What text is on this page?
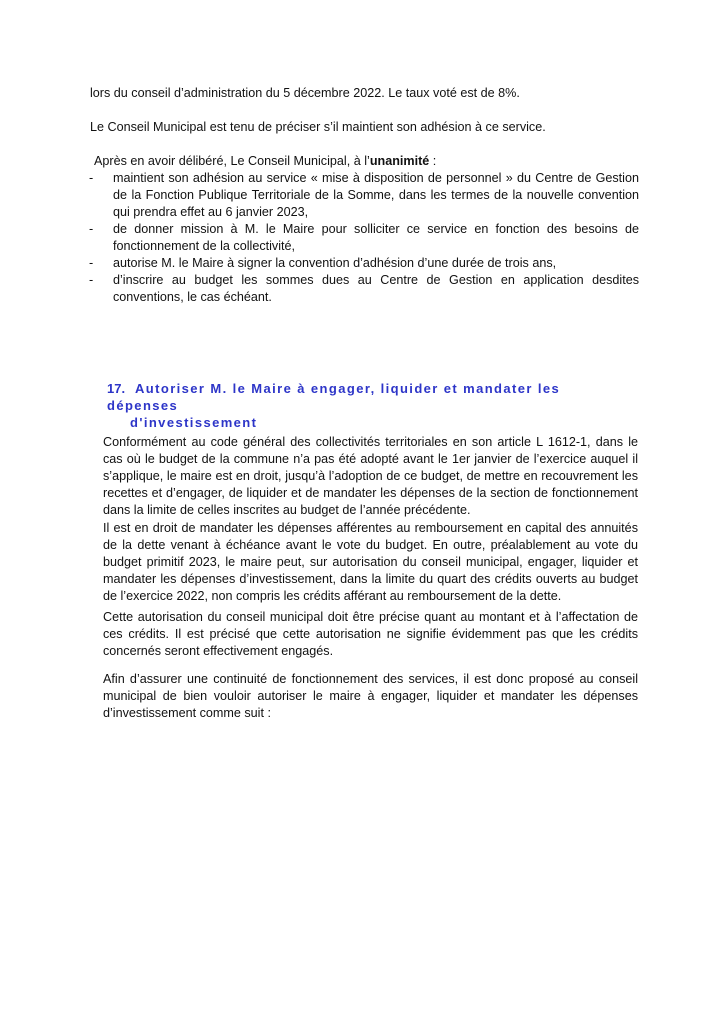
lors du conseil d’administration du 5 décembre 2022. Le taux voté est de 8%.

Le Conseil Municipal est tenu de préciser s’il maintient son adhésion à ce service.

Après en avoir délibéré, Le Conseil Municipal, à l’unanimité :

- maintient son adhésion au service « mise à disposition de personnel » du Centre de Gestion de la Fonction Publique Territoriale de la Somme, dans les termes de la nouvelle convention qui prendra effet au 6 janvier 2023,
- de donner mission à M. le Maire pour solliciter ce service en fonction des besoins de fonctionnement de la collectivité,
- autorise M. le Maire à signer la convention d’adhésion d’une durée de trois ans,
- d’inscrire au budget les sommes dues au Centre de Gestion en application desdites conventions, le cas échéant.
17. Autoriser M. le Maire à engager, liquider et mandater les dépenses
d'investissement

Conformément au code général des collectivités territoriales en son article L 1612-1, dans le cas où le budget de la commune n’a pas été adopté avant le 1er janvier de l’exercice auquel il s’applique, le maire est en droit, jusqu’à l’adoption de ce budget, de mettre en recouvrement les recettes et d’engager, de liquider et de mandater les dépenses de la section de fonctionnement dans la limite de celles inscrites au budget de l’année précédente.

Il est en droit de mandater les dépenses afférentes au remboursement en capital des annuités de la dette venant à échéance avant le vote du budget. En outre, préalablement au vote du budget primitif 2023, le maire peut, sur autorisation du conseil municipal, engager, liquider et mandater les dépenses d’investissement, dans la limite du quart des crédits ouverts au budget de l’exercice 2022, non compris les crédits afférant au remboursement de la dette.

Cette autorisation du conseil municipal doit être précise quant au montant et à l’affectation de ces crédits. Il est précisé que cette autorisation ne signifie évidemment pas que les crédits concernés seront effectivement engagés.

Afin d’assurer une continuité de fonctionnement des services, il est donc proposé au conseil municipal de bien vouloir autoriser le maire à engager, liquider et mandater les dépenses d’investissement comme suit :
